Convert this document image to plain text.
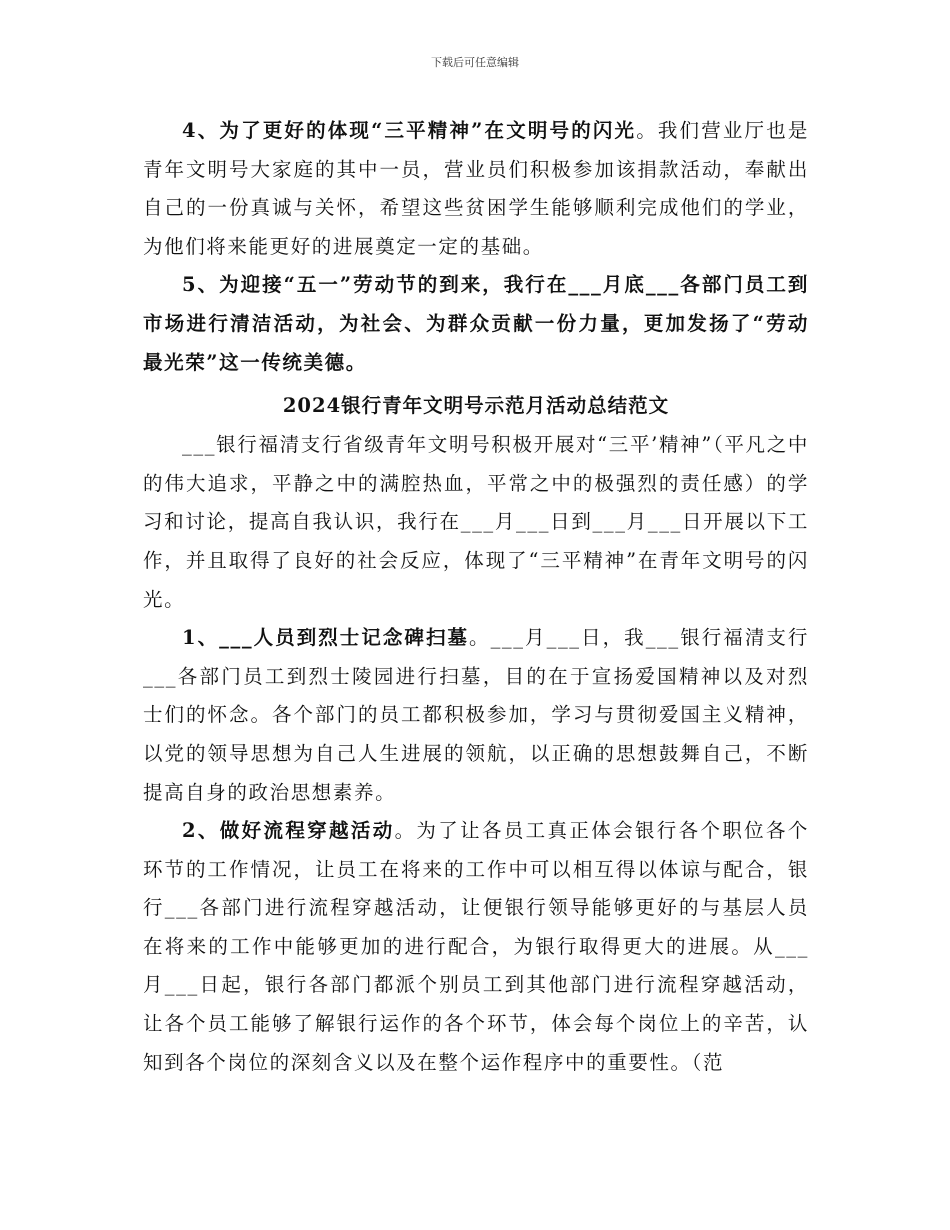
下载后可任意编辑

4、为了更好的体现“三平精神”在文明号的闪光。我们营业厅也是青年文明号大家庭的其中一员，营业员们积极参加该捐款活动，奉献出自己的一份真诚与关怀，希望这些贫困学生能够顺利完成他们的学业，为他们将来能更好的进展奠定一定的基础。

5、为迎接“五一”劳动节的到来，我行在___月底___各部门员工到市场进行清洁活动，为社会、为群众贡献一份力量，更加发扬了“劳动最光荣”这一传统美德。

2024银行青年文明号示范月活动总结范文

___银行福清支行省级青年文明号积极开展对“三平’精神”（平凡之中的伟大追求，平静之中的满腔热血，平常之中的极强烈的责任感）的学习和讨论，提高自我认识，我行在___月___日到___月___日开展以下工作，并且取得了良好的社会反应，体现了“三平精神”在青年文明号的闪光。

1、___人员到烈士记念碑扫墓。___月___日，我___银行福清支行___各部门员工到烈士陵园进行扫墓，目的在于宣扬爱国精神以及对烈士们的怀念。各个部门的员工都积极参加，学习与贯彻爱国主义精神，以党的领导思想为自己人生进展的领航，以正确的思想鼓舞自己，不断提高自身的政治思想素养。

2、做好流程穿越活动。为了让各员工真正体会银行各个职位各个环节的工作情况，让员工在将来的工作中可以相互得以体谅与配合，银行___各部门进行流程穿越活动，让便银行领导能够更好的与基层人员在将来的工作中能够更加的进行配合，为银行取得更大的进展。从___月___日起，银行各部门都派个别员工到其他部门进行流程穿越活动，让各个员工能够了解银行运作的各个环节，体会每个岗位上的辛苦，认知到各个岗位的深刻含义以及在整个运作程序中的重要性。（范
